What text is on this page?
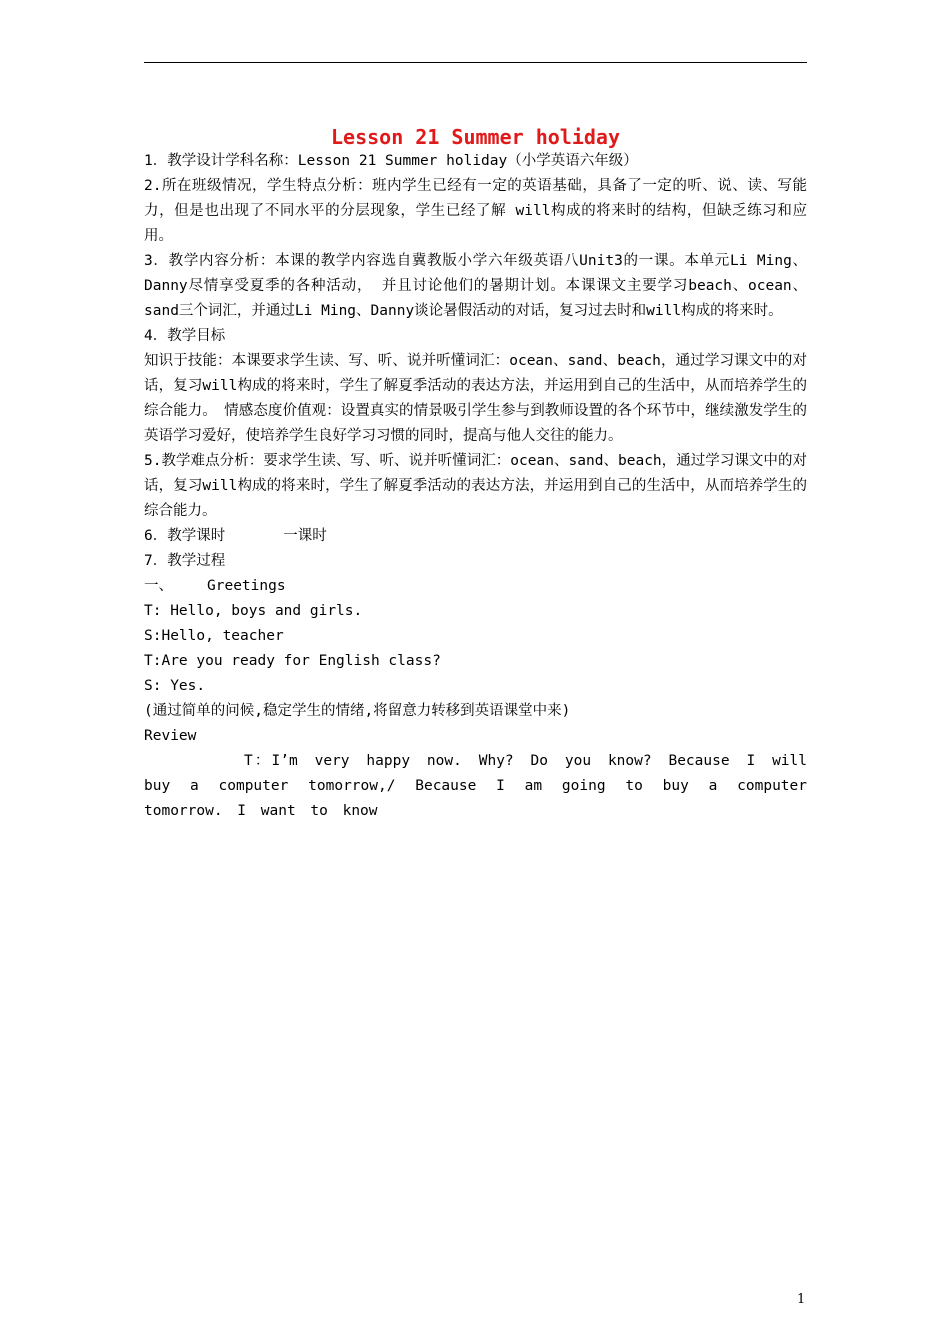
Lesson 21 Summer holiday

1．教学设计学科名称：Lesson 21 Summer holiday（小学英语六年级）

2.所在班级情况，学生特点分析：班内学生已经有一定的英语基础，具备了一定的听、说、读、写能力，但是也出现了不同水平的分层现象，学生已经了解 will构成的将来时的结构，但缺乏练习和应用。

3．教学内容分析：本课的教学内容选自冀教版小学六年级英语八Unit3的一课。本单元Li Ming、Danny尽情享受夏季的各种活动， 并且讨论他们的暑期计划。本课课文主要学习beach、ocean、sand三个词汇，并通过Li Ming、Danny谈论暑假活动的对话，复习过去时和will构成的将来时。

4．教学目标

知识于技能：本课要求学生读、写、听、说并听懂词汇：ocean、sand、beach，通过学习课文中的对话，复习will构成的将来时，学生了解夏季活动的表达方法，并运用到自己的生活中，从而培养学生的综合能力。　情感态度价值观：设置真实的情景吸引学生参与到教师设置的各个环节中，继续激发学生的英语学习爱好，使培养学生良好学习习惯的同时，提高与他人交往的能力。

5.教学难点分析：要求学生读、写、听、说并听懂词汇：ocean、sand、beach，通过学习课文中的对话，复习will构成的将来时，学生了解夏季活动的表达方法，并运用到自己的生活中，从而培养学生的综合能力。

6．教学课时	一课时

7．教学过程

一、 Greetings

T: Hello, boys and girls.

S:Hello, teacher

T:Are you ready for English class?

S: Yes.

(通过简单的问候,稳定学生的情绪,将留意力转移到英语课堂中来)

Review

T：I’m very happy now. Why? Do you know? Because I will buy a computer tomorrow,/ Because I am going to buy a computer tomorrow. I want to know

1
